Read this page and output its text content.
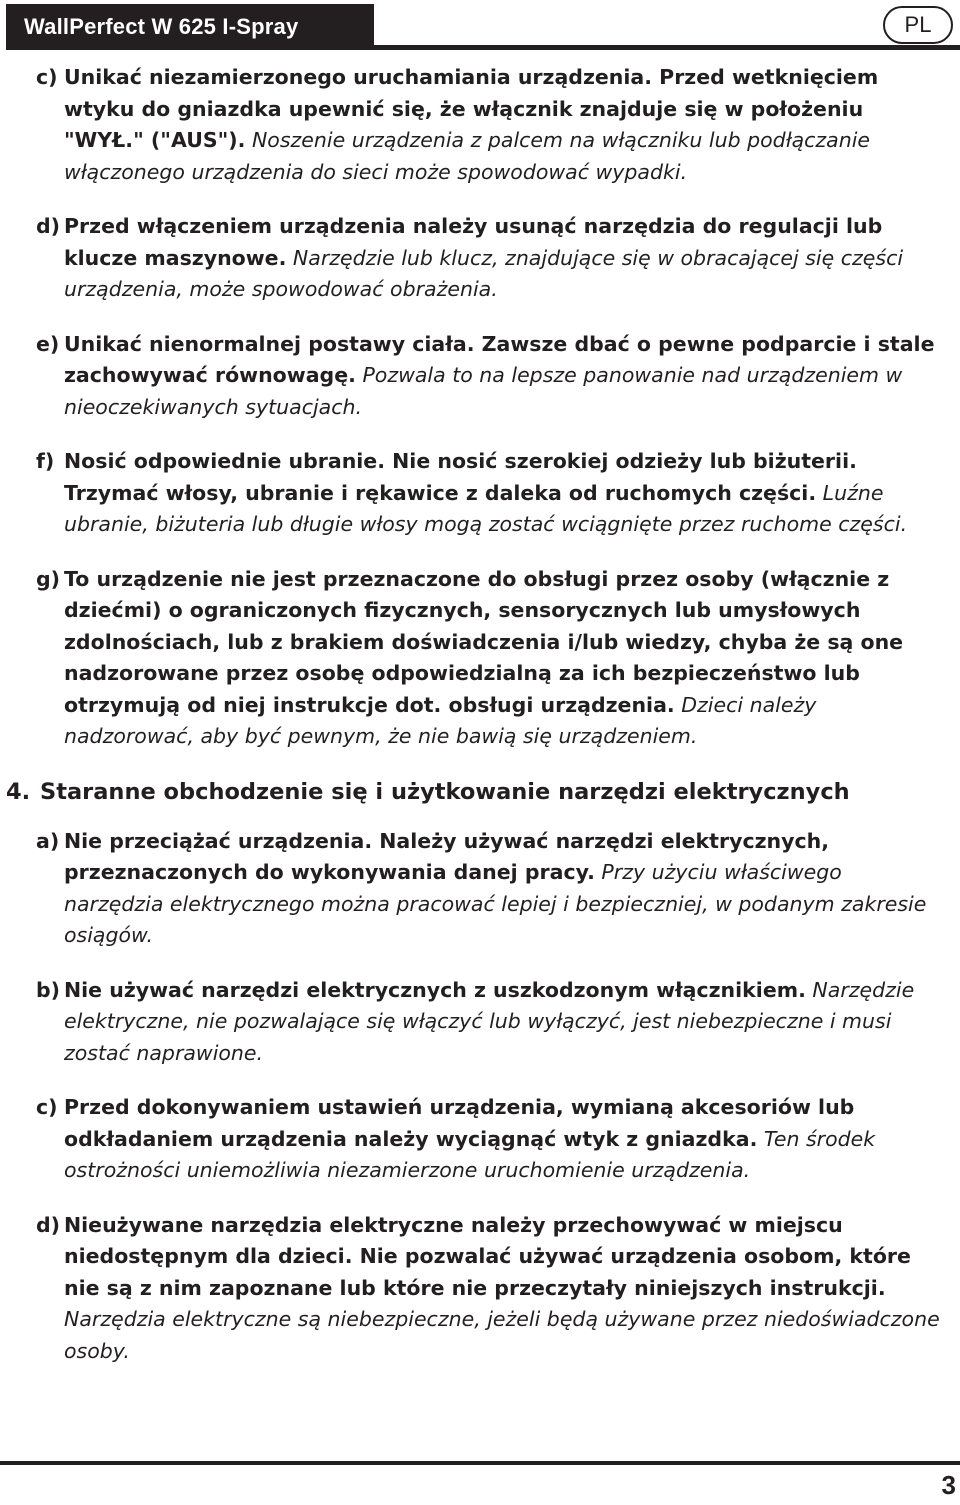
WallPerfect W 625 I-Spray	PL
c) Unikać niezamierzonego uruchamiania urządzenia. Przed wetknięciem wtyku do gniazdka upewnić się, że włącznik znajduje się w położeniu "WYŁ." ("AUS"). Noszenie urządzenia z palcem na włączniku lub podłączanie włączonego urządzenia do sieci może spowodować wypadki.
d) Przed włączeniem urządzenia należy usunąć narzędzia do regulacji lub klucze maszynowe. Narzędzie lub klucz, znajdujące się w obracającej się części urządzenia, może spowodować obrażenia.
e) Unikać nienormalnej postawy ciała. Zawsze dbać o pewne podparcie i stale zachowywać równowagę. Pozwala to na lepsze panowanie nad urządzeniem w nieoczekiwanych sytuacjach.
f) Nosić odpowiednie ubranie. Nie nosić szerokiej odzieży lub biżuterii. Trzymać włosy, ubranie i rękawice z daleka od ruchomych części. Luźne ubranie, biżuteria lub długie włosy mogą zostać wciągnięte przez ruchome części.
g) To urządzenie nie jest przeznaczone do obsługi przez osoby (włącznie z dziećmi) o ograniczonych fizycznych, sensorycznych lub umysłowych zdolnościach, lub z brakiem doświadczenia i/lub wiedzy, chyba że są one nadzorowane przez osobę odpowiedzialną za ich bezpieczeństwo lub otrzymują od niej instrukcje dot. obsługi urządzenia. Dzieci należy nadzorować, aby być pewnym, że nie bawią się urządzeniem.
4. Staranne obchodzenie się i użytkowanie narzędzi elektrycznych
a) Nie przeciążać urządzenia. Należy używać narzędzi elektrycznych, przeznaczonych do wykonywania danej pracy. Przy użyciu właściwego narzędzia elektrycznego można pracować lepiej i bezpieczniej, w podanym zakresie osiągów.
b) Nie używać narzędzi elektrycznych z uszkodzonym włącznikiem. Narzędzie elektryczne, nie pozwalające się włączyć lub wyłączyć, jest niebezpieczne i musi zostać naprawione.
c) Przed dokonywaniem ustawień urządzenia, wymianą akcesoriów lub odkładaniem urządzenia należy wyciągnąć wtyk z gniazdka. Ten środek ostrożności uniemożliwia niezamierzone uruchomienie urządzenia.
d) Nieużywane narzędzia elektryczne należy przechowywać w miejscu niedostępnym dla dzieci. Nie pozwalać używać urządzenia osobom, które nie są z nim zapoznane lub które nie przeczytały niniejszych instrukcji. Narzędzia elektryczne są niebezpieczne, jeżeli będą używane przez niedoświadczone osoby.
3
